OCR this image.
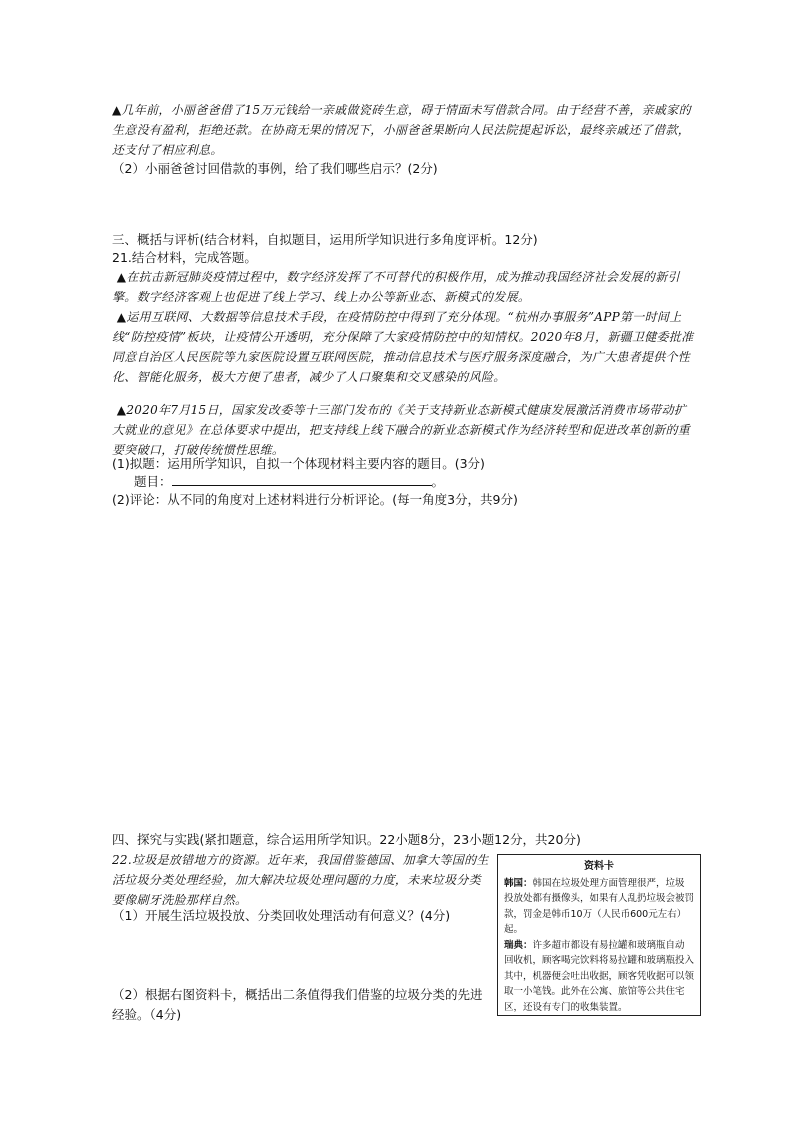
▲几年前，小丽爸爸借了15万元钱给一亲戚做瓷砖生意，碍于情面未写借款合同。由于经营不善，亲戚家的生意没有盈利，拒绝还款。在协商无果的情况下，小丽爸爸果断向人民法院提起诉讼，最终亲戚还了借款，还支付了相应利息。
（2）小丽爸爸讨回借款的事例，给了我们哪些启示？(2分)
三、概括与评析(结合材料，自拟题目，运用所学知识进行多角度评析。12分)
21.结合材料，完成答题。
▲在抗击新冠肺炎疫情过程中，数字经济发挥了不可替代的积极作用，成为推动我国经济社会发展的新引擎。数字经济客观上也促进了线上学习、线上办公等新业态、新模式的发展。
▲运用互联网、大数据等信息技术手段，在疫情防控中得到了充分体现。“杭州办事服务”APP第一时间上线“防控疫情”板块，让疫情公开透明，充分保障了大家疫情防控中的知情权。2020年8月，新疆卫健委批准同意自治区人民医院等九家医院设置互联网医院，推动信息技术与医疗服务深度融合，为广大患者提供个性化、智能化服务，极大方便了患者，减少了人口聚集和交叉感染的风险。
▲2020年7月15日，国家发改委等十三部门发布的《关于支持新业态新模式健康发展激活消费市场带动扩大就业的意见》在总体要求中提出，把支持线上线下融合的新业态新模式作为经济转型和促进改革创新的重要突破口，打破传统惯性思维。
(1)拟题：运用所学知识，自拟一个体现材料主要内容的题目。(3分)
题目：	。
(2)评论：从不同的角度对上述材料进行分析评论。(每一角度3分，共9分)
四、探究与实践(紧扣题意，综合运用所学知识。22小题8分，23小题12分，共20分)
22.垃圾是放错地方的资源。近年来，我国借鉴德国、加拿大等国的生活垃圾分类处理经验，加大解决垃圾处理问题的力度，未来垃圾分类要像刷牙洗脸那样自然。
（1）开展生活垃圾投放、分类回收处理活动有何意义？(4分)
（2）根据右图资料卡，概括出二条值得我们借鉴的垃圾分类的先进经验。（4分)
资料卡

韩国：韩国在垃圾处理方面管理很严，垃圾投放处都有摄像头，如果有人乱扔垃圾会被罚款，罚金是韩币10万（人民币600元左右）起。

瑞典：许多超市都设有易拉罐和玻璃瓶自动回收机，顾客喝完饮料将易拉罐和玻璃瓶投入其中，机器便会吐出收据，顾客凭收据可以领取一小笔钱。此外在公寓、旅馆等公共住宅区，还设有专门的收集装置。
